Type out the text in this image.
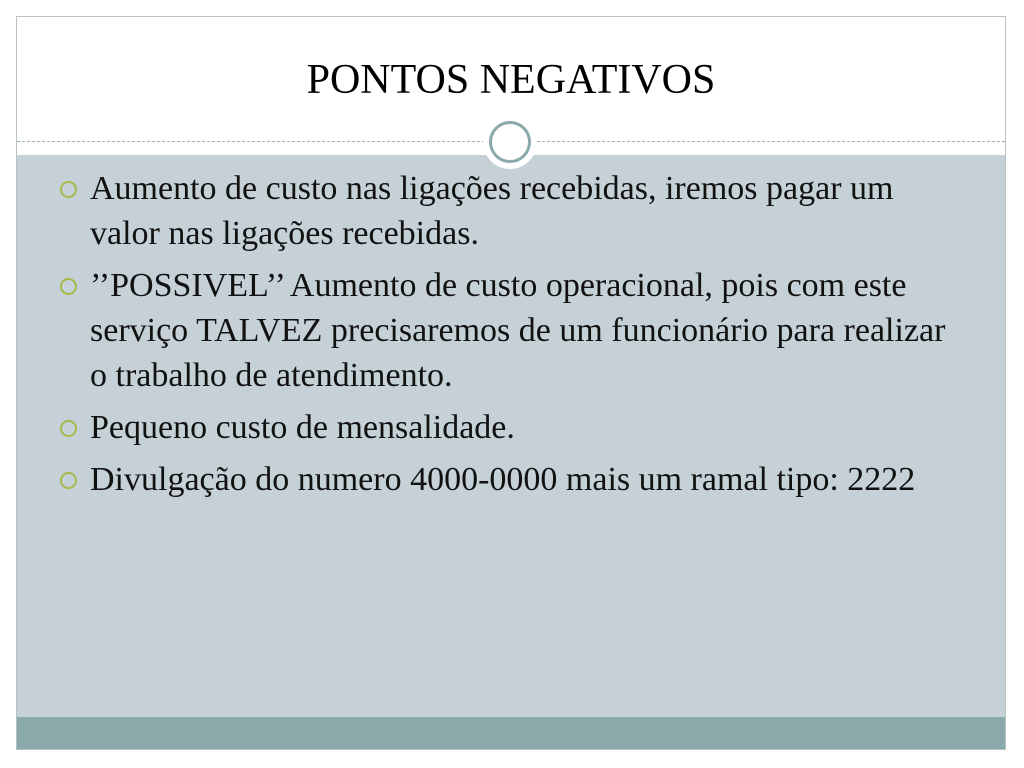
PONTOS NEGATIVOS
Aumento de custo nas ligações recebidas, iremos pagar um valor nas ligações recebidas.
’’POSSIVEL’’ Aumento de custo operacional, pois com este serviço TALVEZ precisaremos de um funcionário para realizar o trabalho de atendimento.
Pequeno custo de mensalidade.
Divulgação do numero 4000-0000 mais um ramal tipo: 2222
